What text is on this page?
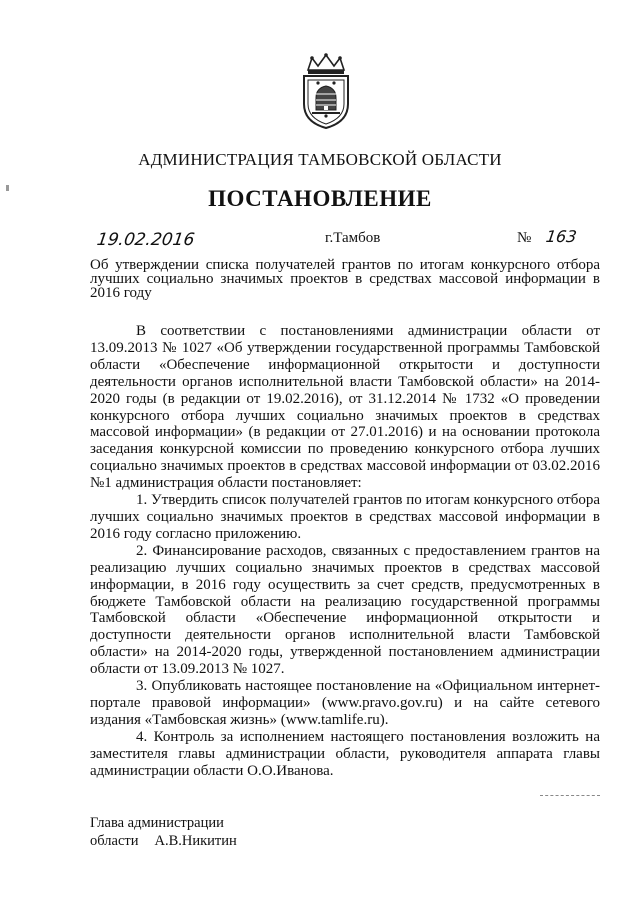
АДМИНИСТРАЦИЯ ТАМБОВСКОЙ ОБЛАСТИ
ПОСТАНОВЛЕНИЕ
19.02.2016	г.Тамбов	№ 163
Об утверждении списка получателей грантов по итогам конкурсного отбора лучших социально значимых проектов в средствах массовой информации в 2016 году

В соответствии с постановлениями администрации области от 13.09.2013 № 1027 «Об утверждении государственной программы Тамбовской области «Обеспечение информационной открытости и доступности деятельности органов исполнительной власти Тамбовской области» на 2014-2020 годы (в редакции от 19.02.2016), от 31.12.2014 № 1732 «О проведении конкурсного отбора лучших социально значимых проектов в средствах массовой информации» (в редакции от 27.01.2016) и на основании протокола заседания конкурсной комиссии по проведению конкурсного отбора лучших социально значимых проектов в средствах массовой информации от 03.02.2016 №1 администрация области постановляет:

1. Утвердить список получателей грантов по итогам конкурсного отбора лучших социально значимых проектов в средствах массовой информации в 2016 году согласно приложению.

2. Финансирование расходов, связанных с предоставлением грантов на реализацию лучших социально значимых проектов в средствах массовой информации, в 2016 году осуществить за счет средств, предусмотренных в бюджете Тамбовской области на реализацию государственной программы Тамбовской области «Обеспечение информационной открытости и доступности деятельности органов исполнительной власти Тамбовской области» на 2014-2020 годы, утвержденной постановлением администрации области от 13.09.2013 № 1027.

3. Опубликовать настоящее постановление на «Официальном интернет-портале правовой информации» (www.pravo.gov.ru) и на сайте сетевого издания «Тамбовская жизнь» (www.tamlife.ru).

4. Контроль за исполнением настоящего постановления возложить на заместителя главы администрации области, руководителя аппарата главы администрации области О.О.Иванова.

Глава администрации
области А.В.Никитин
